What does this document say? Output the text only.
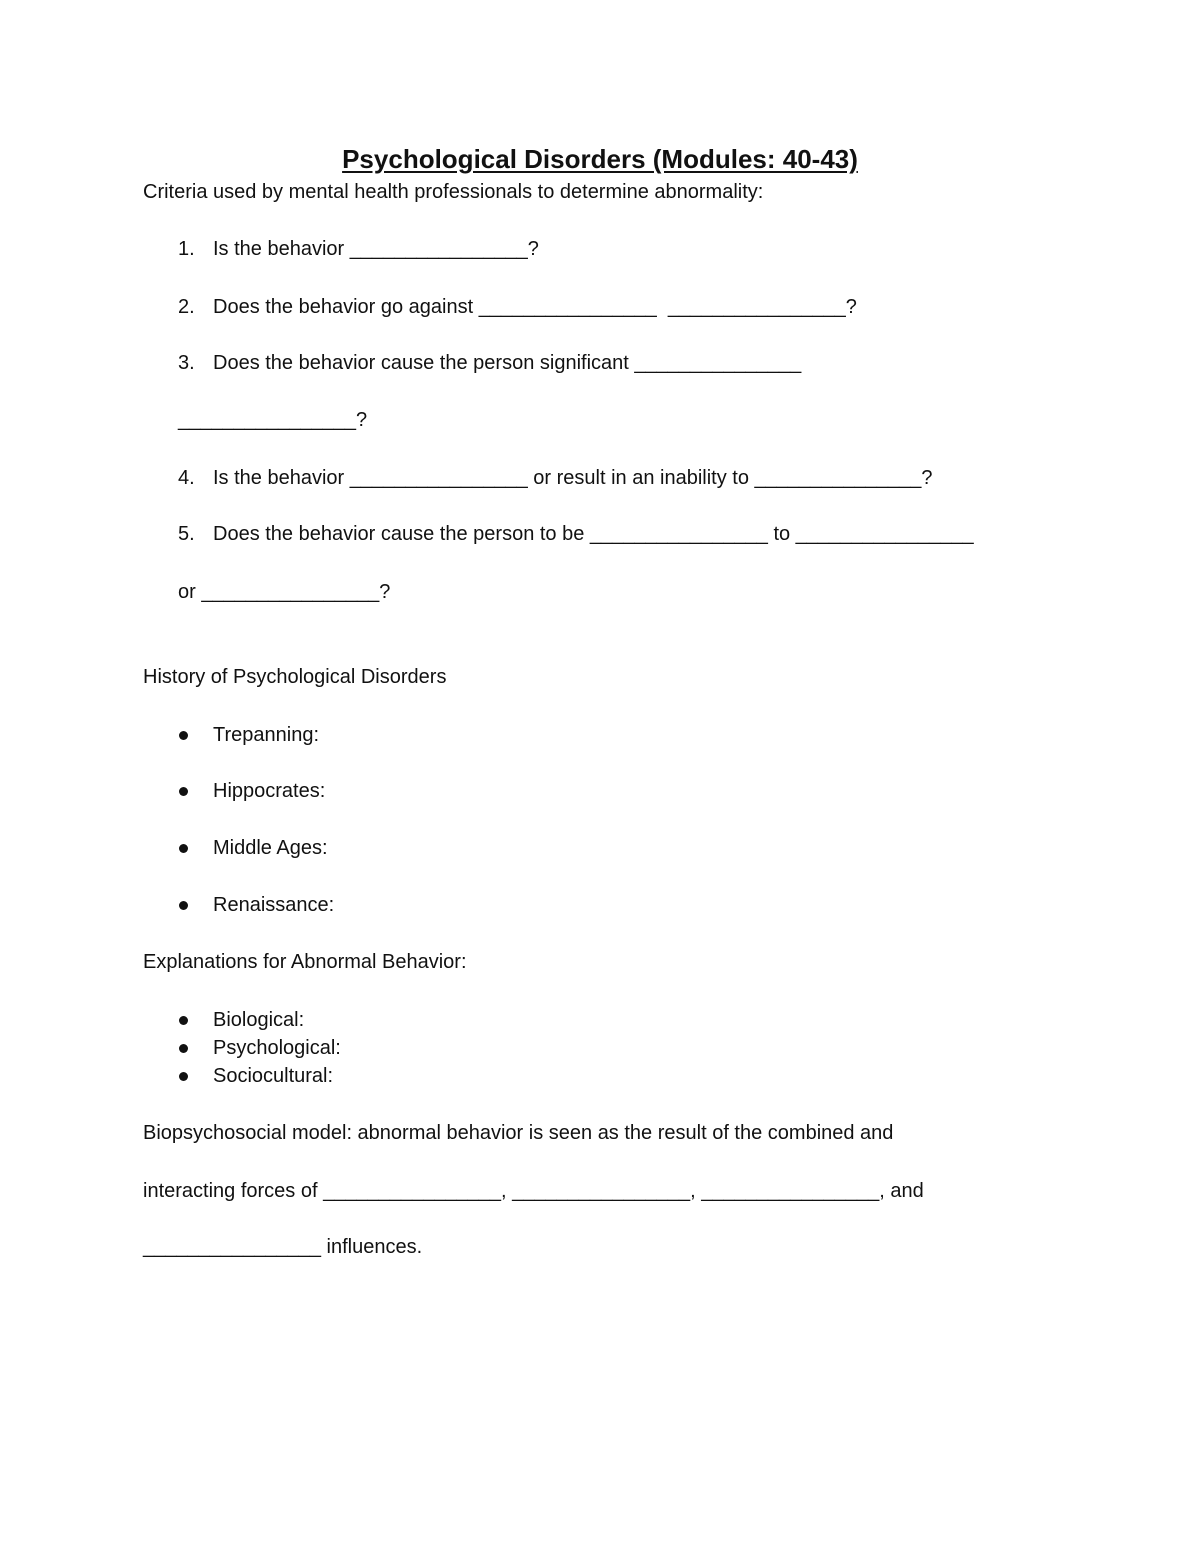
Psychological Disorders (Modules: 40-43)
Criteria used by mental health professionals to determine abnormality:
1. Is the behavior ________________?
2. Does the behavior go against ________________  ________________?
3. Does the behavior cause the person significant _______________
________________?
4. Is the behavior ________________ or result in an inability to _______________?
5. Does the behavior cause the person to be ________________ to ________________
or ________________?
History of Psychological Disorders
Trepanning:
Hippocrates:
Middle Ages:
Renaissance:
Explanations for Abnormal Behavior:
Biological:
Psychological:
Sociocultural:
Biopsychosocial model: abnormal behavior is seen as the result of the combined and
interacting forces of ________________, ________________, ________________, and
________________ influences.
